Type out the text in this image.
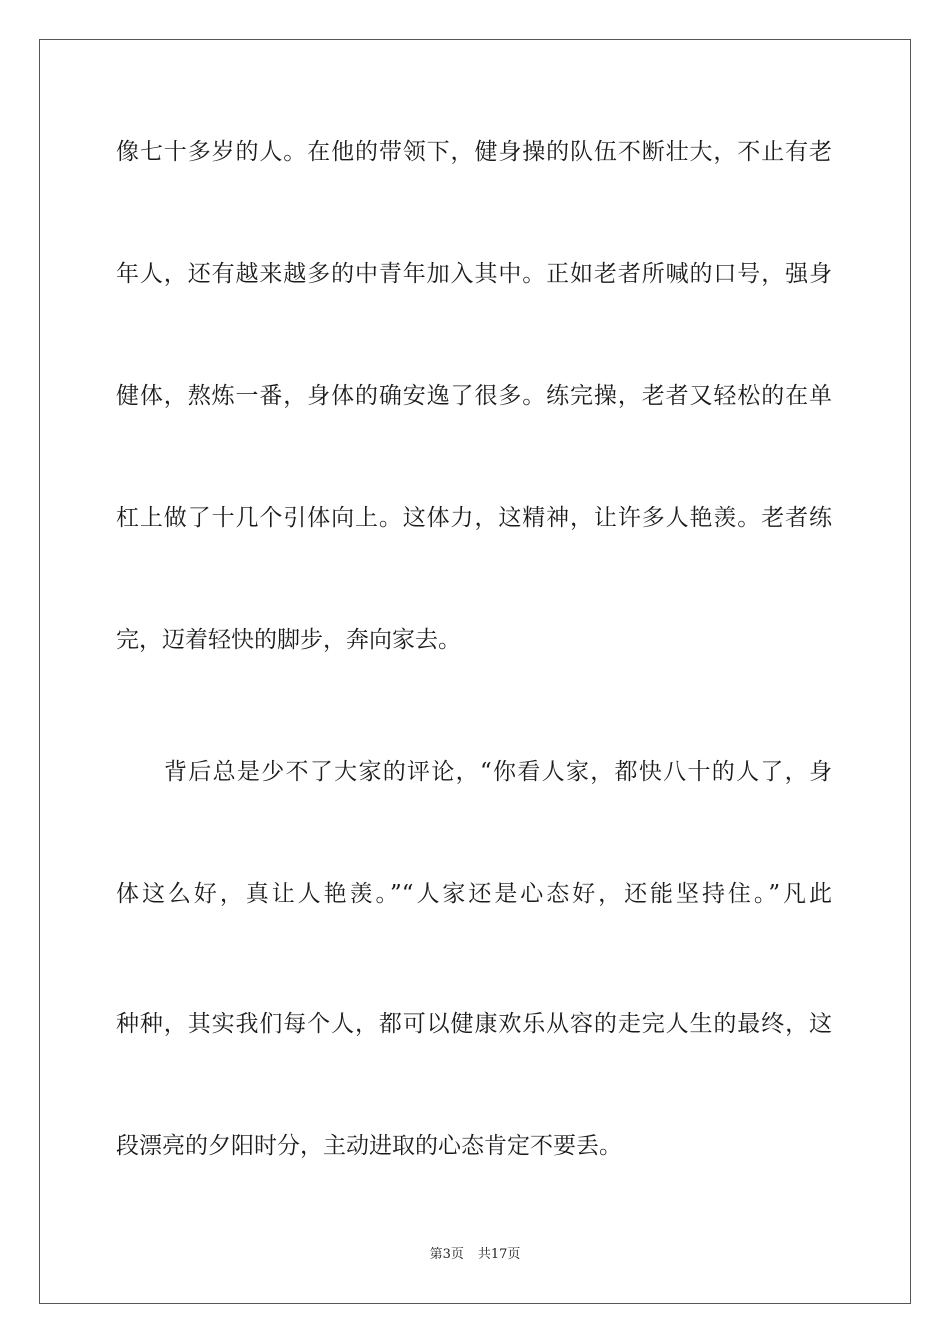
像七十多岁的人。在他的带领下，健身操的队伍不断壮大，不止有老
年人，还有越来越多的中青年加入其中。正如老者所喊的口号，强身
健体，熬炼一番，身体的确安逸了很多。练完操，老者又轻松的在单
杠上做了十几个引体向上。这体力，这精神，让许多人艳羡。老者练
完，迈着轻快的脚步，奔向家去。
背后总是少不了大家的评论，“你看人家，都快八十的人了，身
体这么好，真让人艳羡。”“人家还是心态好，还能坚持住。”凡此
种种，其实我们每个人，都可以健康欢乐从容的走完人生的最终，这
段漂亮的夕阳时分，主动进取的心态肯定不要丢。
第3页 共17页
